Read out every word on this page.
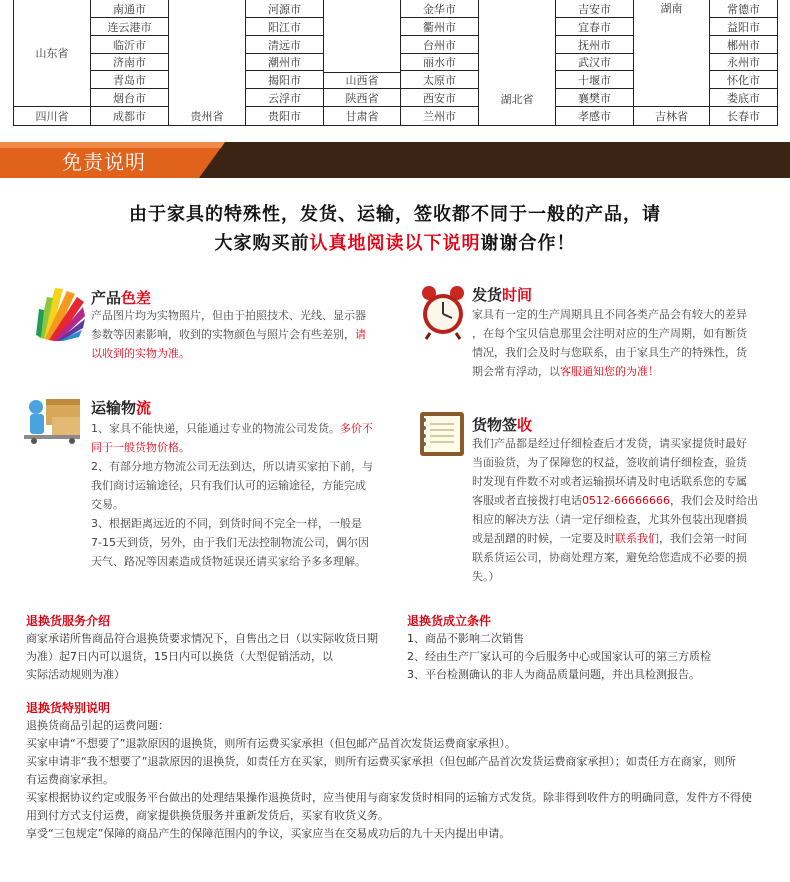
南通市
连云港市
临沂市
济南市
青岛市
烟台市
成都市
山东省
四川省	贵州省
河源市
阳江市
清远市
潮州市
揭阳市
云浮市
贵阳市
山西省
陕西省
甘肃省
金华市
衢州市
台州市
丽水市
太原市
西安市
兰州市
湖北省
吉安市
宜春市
抚州市
武汉市
十堰市
襄樊市
孝感市
湖南
吉林省
常德市
益阳市
郴州市
永州市
怀化市
娄底市
长春市
免责说明
由于家具的特殊性，发货、运输，签收都不同于一般的产品，请
大家购买前认真地阅读以下说明谢谢合作！
产品色差
产品图片均为实物照片，但由于拍照技术、光线、显示器
参数等因素影响，收到的实物颜色与照片会有些差别，请
以收到的实物为准。
发货时间
家具有一定的生产周期具且不同各类产品会有较大的差异
，在每个宝贝信息那里会注明对应的生产周期，如有断货
情况，我们会及时与您联系，由于家具生产的特殊性，货
期会常有浮动，以客服通知您的为准！
运输物流
1、家具不能快递，只能通过专业的物流公司发货。多价不
同于一般货物价格。
2、有部分地方物流公司无法到达，所以请买家拍下前，与
我们商讨运输途径，只有我们认可的运输途径，方能完成
交易。
3、根据距离远近的不同，到货时间不完全一样，一般是
7-15天到货，另外，由于我们无法控制物流公司，偶尔因
天气、路况等因素造成货物延误还请买家给予多多理解。
货物签收
我们产品都是经过仔细检查后才发货，请买家提货时最好
当面验货，为了保障您的权益，签收前请仔细检查，验货
时发现有件数不对或者运输损坏请及时电话联系您的专属
客服或者直接拨打电话0512-66666666，我们会及时给出
相应的解决方法（请一定仔细检查，尤其外包装出现磨损
或是刮蹭的时候，一定要及时联系我们，我们会第一时间
联系货运公司，协商处理方案，避免给您造成不必要的损
失。）
退换货服务介绍

商家承诺所售商品符合退换货要求情况下，自售出之日（以实际收货日期

为准）起7日内可以退货，15日内可以换货（大型促销活动，以

实际活动规则为准）

退换货成立条件

1、商品不影响二次销售

2、经由生产厂家认可的今后服务中心或国家认可的第三方质检

3、平台检测确认的非人为商品质量问题，并出具检测报告。

退换货特别说明

退换货商品引起的运费问题：

买家申请“不想要了”退款原因的退换货，则所有运费买家承担（但包邮产品首次发货运费商家承担）。

买家申请非“我不想要了”退款原因的退换货，如责任方在买家，则所有运费买家承担（但包邮产品首次发货运费商家承担）；如责任方在商家，则所

有运费商家承担。

买家根据协议约定或服务平台做出的处理结果操作退换货时，应当使用与商家发货时相同的运输方式发货。除非得到收件方的明确同意，发件方不得使

用到付方式支付运费，商家提供换货服务并重新发货后，买家有收货义务。

享受“三包规定”保障的商品产生的保障范围内的争议，买家应当在交易成功后的九十天内提出申请。
